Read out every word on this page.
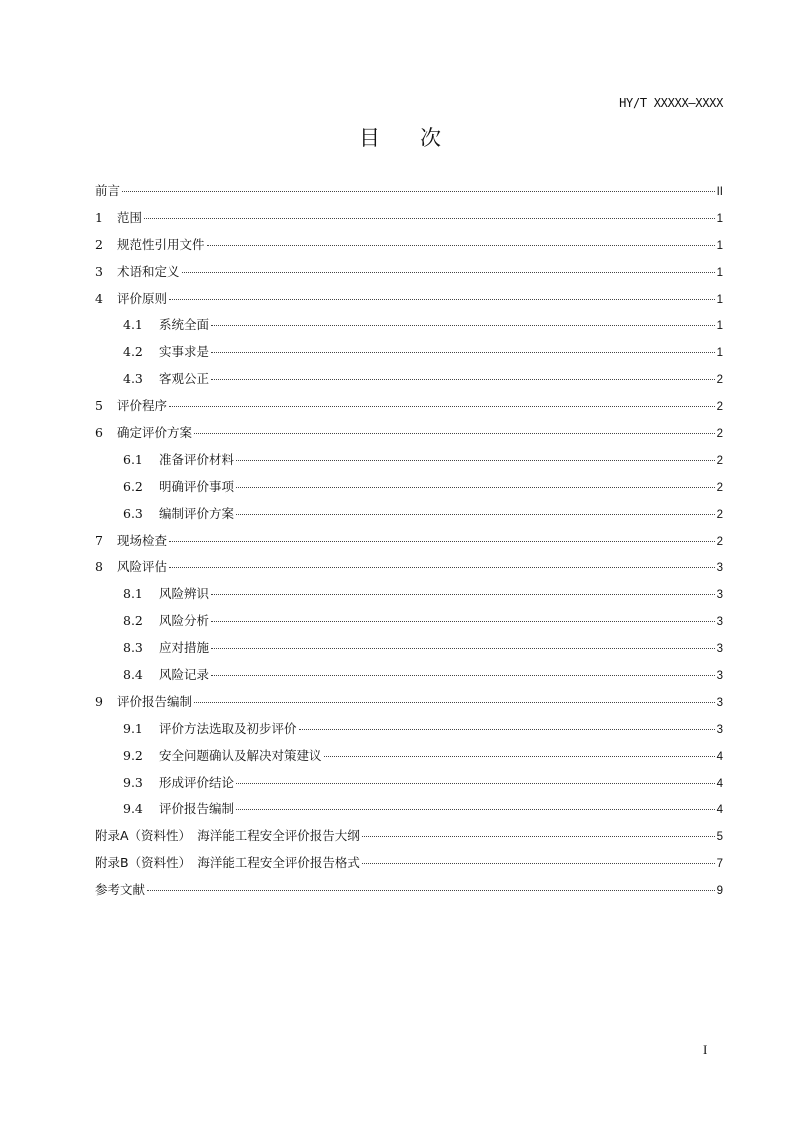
HY/T XXXXX—XXXX
目 次
前言	II
1	范围	1
2	规范性引用文件	1
3	术语和定义	1
4	评价原则	1
4.1	系统全面	1
4.2	实事求是	1
4.3	客观公正	2
5	评价程序	2
6	确定评价方案	2
6.1	准备评价材料	2
6.2	明确评价事项	2
6.3	编制评价方案	2
7	现场检查	2
8	风险评估	3
8.1	风险辨识	3
8.2	风险分析	3
8.3	应对措施	3
8.4	风险记录	3
9	评价报告编制	3
9.1	评价方法选取及初步评价	3
9.2	安全问题确认及解决对策建议	4
9.3	形成评价结论	4
9.4	评价报告编制	4
附录A（资料性）　海洋能工程安全评价报告大纲	5
附录B（资料性）　海洋能工程安全评价报告格式	7
参考文献	9
I
